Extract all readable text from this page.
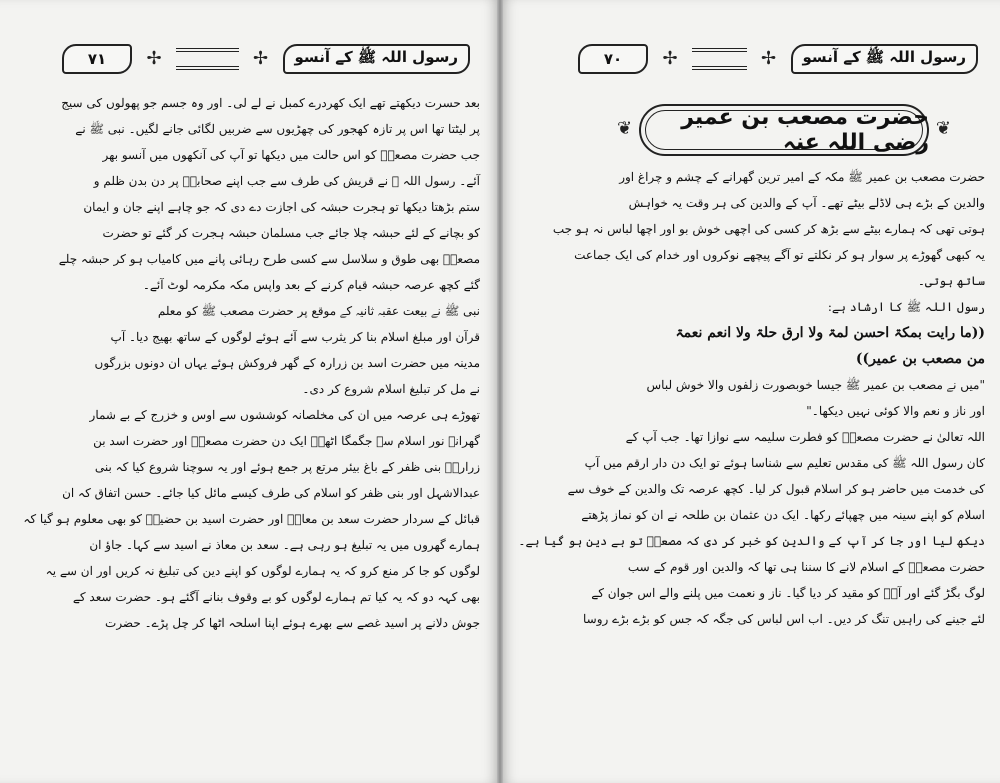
٧١	✢	✢	رسول اللہ ﷺ کے آنسو
بعد حسرت دیکھتے تھے ایک کھردرے کمبل نے لے لی۔ اور وہ جسم جو پھولوں کی سیج
پر لیٹتا تھا اس پر تازہ کھجور کی چھڑیوں سے ضربیں لگائی جانے لگیں۔ نبی ﷺ نے
جب حضرت مصعبؓ کو اس حالت میں دیکھا تو آپ کی آنکھوں میں آنسو بھر
آئے۔ رسول اللہ ﷺ نے قریش کی طرف سے جب اپنے صحابہؓ پر دن بدن ظلم و
ستم بڑھتا دیکھا تو ہجرت حبشہ کی اجازت دے دی کہ جو چاہے اپنے جان و ایمان
کو بچانے کے لئے حبشہ چلا جائے جب مسلمان حبشہ ہجرت کر گئے تو حضرت
مصعبؓ بھی طوق و سلاسل سے کسی طرح رہائی پانے میں کامیاب ہو کر حبشہ چلے
گئے کچھ عرصہ حبشہ قیام کرنے کے بعد واپس مکہ مکرمہ لوٹ آئے۔
نبی ﷺ نے بیعت عقبہ ثانیہ کے موقع پر حضرت مصعب ﷺ کو معلم
قرآن اور مبلغ اسلام بنا کر یثرب سے آئے ہوئے لوگوں کے ساتھ بھیج دیا۔ آپ
مدینہ میں حضرت اسد بن زرارہ کے گھر فروکش ہوئے یہاں ان دونوں بزرگوں
نے مل کر تبلیغ اسلام شروع کر دی۔
تھوڑے ہی عرصہ میں ان کی مخلصانہ کوششوں سے اوس و خزرج کے بے شمار
گھرانے نور اسلام سے جگمگا اٹھے۔ ایک دن حضرت مصعبؓ اور حضرت اسد بن
زرارہؓ بنی ظفر کے باغ بیئر مرتع پر جمع ہوئے اور یہ سوچنا شروع کیا کہ بنی
عبدالاشہل اور بنی ظفر کو اسلام کی طرف کیسے مائل کیا جائے۔ حسن اتفاق کہ ان
قبائل کے سردار حضرت سعد بن معاذؓ اور حضرت اسید بن حضیرؓ کو بھی معلوم ہو گیا کہ
ہمارے گھروں میں یہ تبلیغ ہو رہی ہے۔ سعد بن معاذ نے اسید سے کہا۔ جاؤ ان
لوگوں کو جا کر منع کرو کہ یہ ہمارے لوگوں کو اپنے دین کی تبلیغ نہ کریں اور ان سے یہ
بھی کہہ دو کہ یہ کیا تم ہمارے لوگوں کو بے وقوف بنانے آگئے ہو۔ حضرت سعد کے
جوش دلانے پر اسید غصے سے بھرے ہوئے اپنا اسلحہ اٹھا کر چل پڑے۔ حضرت
٧٠	✢	✢	رسول اللہ ﷺ کے آنسو
❦	❦
حضرت مصعب بن عمیر رضی اللہ عنہ
حضرت مصعب بن عمیر ﷺ مکہ کے امیر ترین گھرانے کے چشم و چراغ اور
والدین کے بڑے ہی لاڈلے بیٹے تھے۔ آپ کے والدین کی ہر وقت یہ خواہش
ہوتی تھی کہ ہمارے بیٹے سے بڑھ کر کسی کی اچھی خوش بو اور اچھا لباس نہ ہو جب
یہ کبھی گھوڑے پر سوار ہو کر نکلتے تو آگے پیچھے نوکروں اور خدام کی ایک جماعت
ساتھ ہوتی۔
رسول اللہ ﷺ کا ارشاد ہے:
((ما رایت بمکۃ احسن لمۃ ولا ارق حلۃ ولا انعم نعمۃ
من مصعب بن عمیر))
"میں نے مصعب بن عمیر ﷺ جیسا خوبصورت زلفوں والا خوش لباس
اور ناز و نعم والا کوئی نہیں دیکھا۔"
اللہ تعالیٰ نے حضرت مصعبؓ کو فطرت سلیمہ سے نوازا تھا۔ جب آپ کے
کان رسول اللہ ﷺ کی مقدس تعلیم سے شناسا ہوئے تو ایک دن دار ارقم میں آپ
کی خدمت میں حاضر ہو کر اسلام قبول کر لیا۔ کچھ عرصہ تک والدین کے خوف سے
اسلام کو اپنے سینہ میں چھپائے رکھا۔ ایک دن عثمان بن طلحہ نے ان کو نماز پڑھتے
دیکھ لیا اور جا کر آپ کے والدین کو خبر کر دی کہ مصعبؓ تو بے دین ہو گیا ہے۔
حضرت مصعبؓ کے اسلام لانے کا سننا ہی تھا کہ والدین اور قوم کے سب
لوگ بگڑ گئے اور آپؓ کو مقید کر دیا گیا۔ ناز و نعمت میں پلنے والے اس جوان کے
لئے جینے کی راہیں تنگ کر دیں۔ اب اس لباس کی جگہ کہ جس کو بڑے بڑے روسا
